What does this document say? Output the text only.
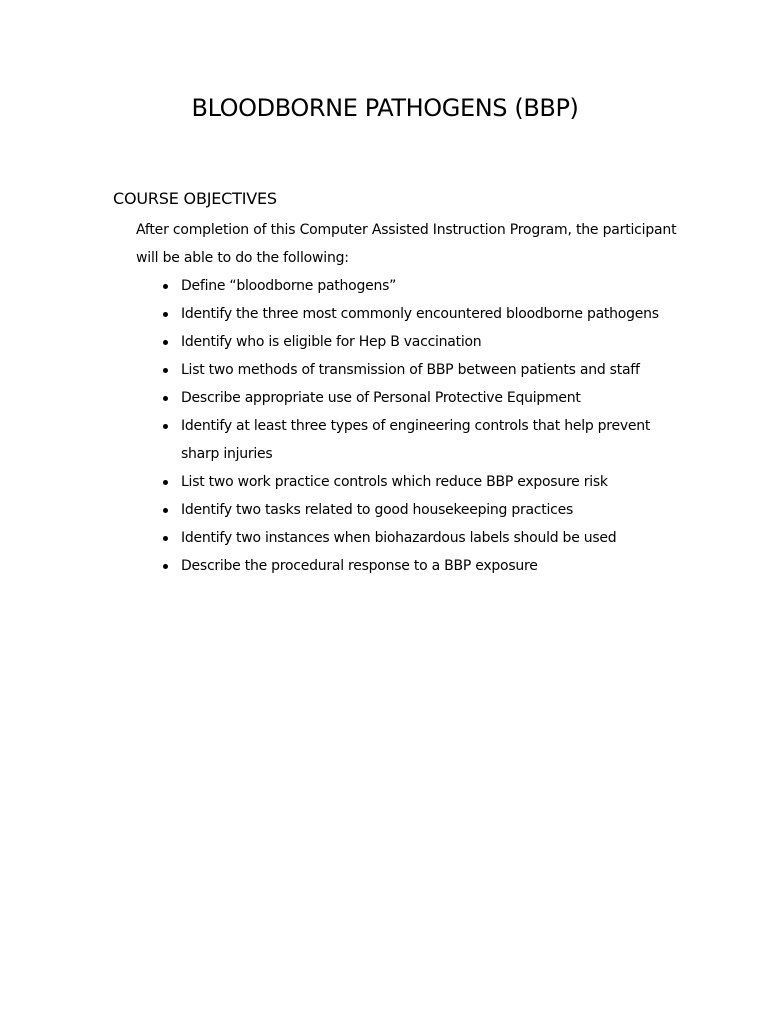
BLOODBORNE PATHOGENS (BBP)
COURSE OBJECTIVES

After completion of this Computer Assisted Instruction Program, the participant will be able to do the following:

Define “bloodborne pathogens”
Identify the three most commonly encountered bloodborne pathogens
Identify who is eligible for Hep B vaccination
List two methods of transmission of BBP between patients and staff
Describe appropriate use of Personal Protective Equipment
Identify at least three types of engineering controls that help prevent sharp injuries
List two work practice controls which reduce BBP exposure risk
Identify two tasks related to good housekeeping practices
Identify two instances when biohazardous labels should be used
Describe the procedural response to a BBP exposure
